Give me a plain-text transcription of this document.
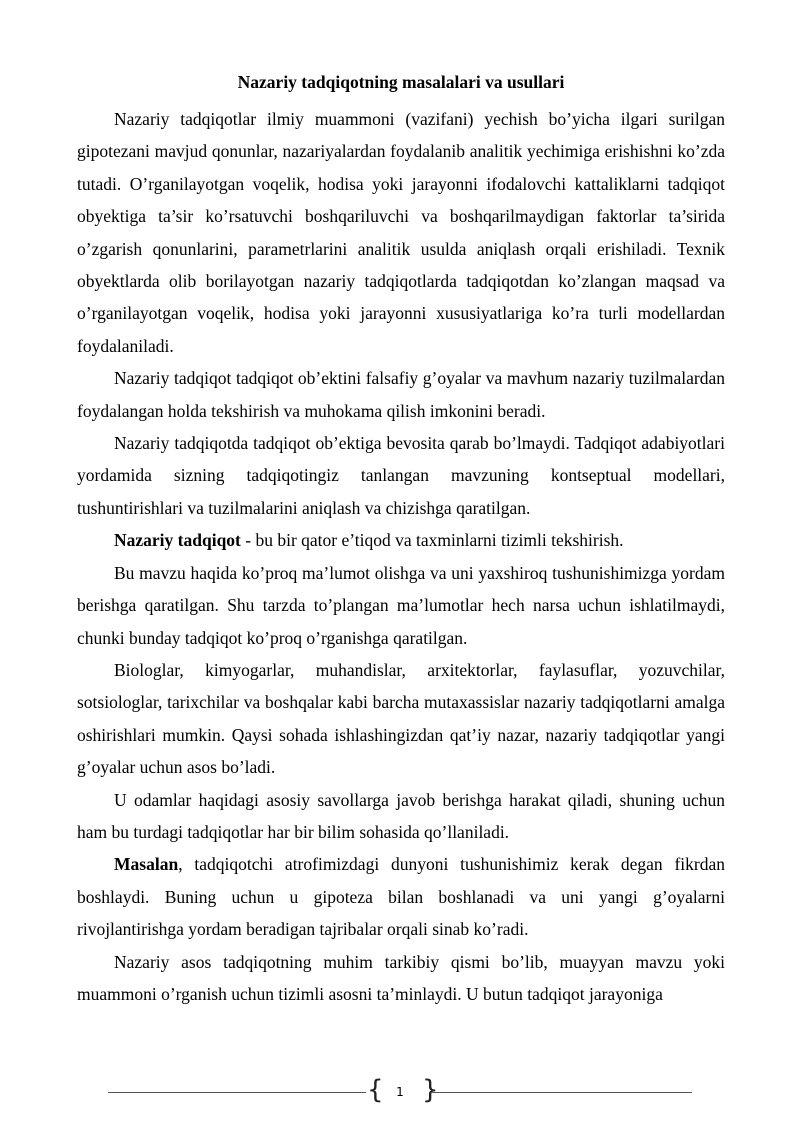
Nazariy tadqiqotning masalalari va usullari

Nazariy tadqiqotlar ilmiy muammoni (vazifani) yechish bo’yicha ilgari surilgan gipotezani mavjud qonunlar, nazariyalardan foydalanib analitik yechimiga erishishni ko’zda tutadi. O’rganilayotgan voqelik, hodisa yoki jarayonni ifodalovchi kattaliklarni tadqiqot obyektiga ta’sir ko’rsatuvchi boshqariluvchi va boshqarilmaydigan faktorlar ta’sirida o’zgarish qonunlarini, parametrlarini analitik usulda aniqlash orqali erishiladi. Texnik obyektlarda olib borilayotgan nazariy tadqiqotlarda tadqiqotdan ko’zlangan maqsad va o’rganilayotgan voqelik, hodisa yoki jarayonni xususiyatlariga ko’ra turli modellardan foydalaniladi.

Nazariy tadqiqot tadqiqot ob’ektini falsafiy g’oyalar va mavhum nazariy tuzilmalardan foydalangan holda tekshirish va muhokama qilish imkonini beradi.

Nazariy tadqiqotda tadqiqot ob’ektiga bevosita qarab bo’lmaydi. Tadqiqot adabiyotlari yordamida sizning tadqiqotingiz tanlangan mavzuning kontseptual modellari, tushuntirishlari va tuzilmalarini aniqlash va chizishga qaratilgan.

Nazariy tadqiqot - bu bir qator e’tiqod va taxminlarni tizimli tekshirish.

Bu mavzu haqida ko’proq ma’lumot olishga va uni yaxshiroq tushunishimizga yordam berishga qaratilgan. Shu tarzda to’plangan ma’lumotlar hech narsa uchun ishlatilmaydi, chunki bunday tadqiqot ko’proq o’rganishga qaratilgan.

Biologlar, kimyogarlar, muhandislar, arxitektorlar, faylasuflar, yozuvchilar, sotsiologlar, tarixchilar va boshqalar kabi barcha mutaxassislar nazariy tadqiqotlarni amalga oshirishlari mumkin. Qaysi sohada ishlashingizdan qat’iy nazar, nazariy tadqiqotlar yangi g’oyalar uchun asos bo’ladi.

U odamlar haqidagi asosiy savollarga javob berishga harakat qiladi, shuning uchun ham bu turdagi tadqiqotlar har bir bilim sohasida qo’llaniladi.

Masalan, tadqiqotchi atrofimizdagi dunyoni tushunishimiz kerak degan fikrdan boshlaydi. Buning uchun u gipoteza bilan boshlanadi va uni yangi g’oyalarni rivojlantirishga yordam beradigan tajribalar orqali sinab ko’radi.

Nazariy asos tadqiqotning muhim tarkibiy qismi bo’lib, muayyan mavzu yoki muammoni o’rganish uchun tizimli asosni ta’minlaydi. U butun tadqiqot jarayoniga

{	1 }
